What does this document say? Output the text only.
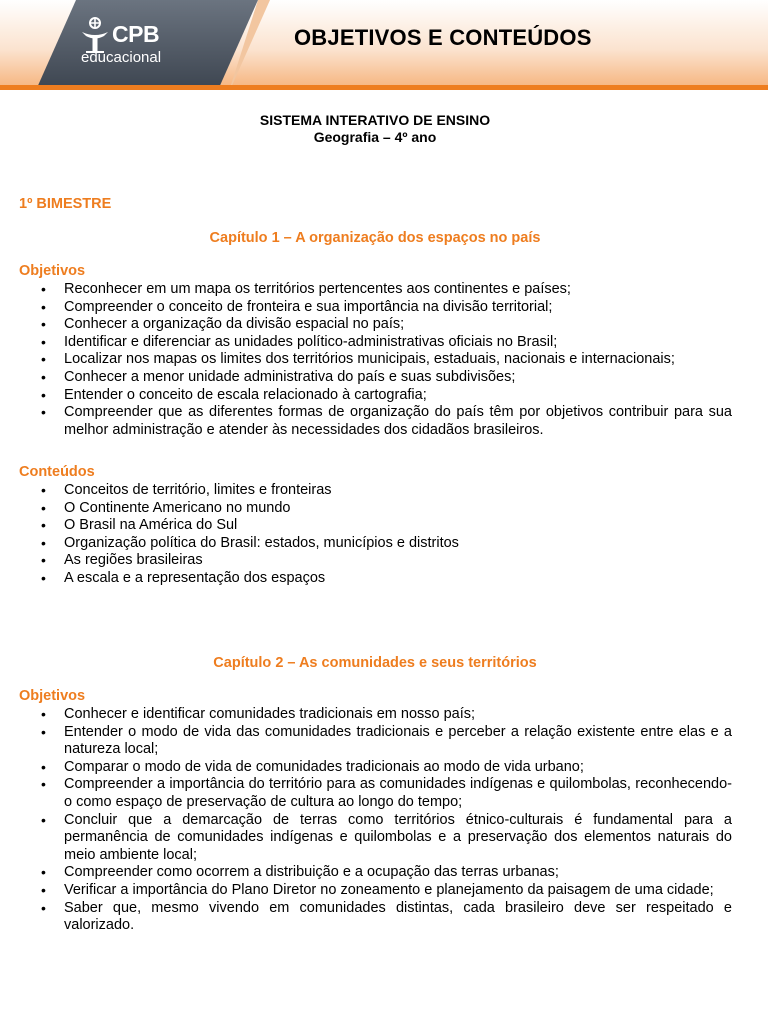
CPB
educacional
OBJETIVOS E CONTEÚDOS
SISTEMA INTERATIVO DE ENSINO
Geografia – 4º ano
1º BIMESTRE
Capítulo 1 – A organização dos espaços no país
Objetivos
• Reconhecer em um mapa os territórios pertencentes aos continentes e países;
• Compreender o conceito de fronteira e sua importância na divisão territorial;
• Conhecer a organização da divisão espacial no país;
• Identificar e diferenciar as unidades político-administrativas oficiais no Brasil;
• Localizar nos mapas os limites dos territórios municipais, estaduais, nacionais e internacionais;
• Conhecer a menor unidade administrativa do país e suas subdivisões;
• Entender o conceito de escala relacionado à cartografia;
• Compreender que as diferentes formas de organização do país têm por objetivos contribuir para sua melhor administração e atender às necessidades dos cidadãos brasileiros.
Conteúdos
• Conceitos de território, limites e fronteiras
• O Continente Americano no mundo
• O Brasil na América do Sul
• Organização política do Brasil: estados, municípios e distritos
• As regiões brasileiras
• A escala e a representação dos espaços
Capítulo 2 – As comunidades e seus territórios
Objetivos
• Conhecer e identificar comunidades tradicionais em nosso país;
• Entender o modo de vida das comunidades tradicionais e perceber a relação existente entre elas e a natureza local;
• Comparar o modo de vida de comunidades tradicionais ao modo de vida urbano;
• Compreender a importância do território para as comunidades indígenas e quilombolas, reconhecendo-o como espaço de preservação de cultura ao longo do tempo;
• Concluir que a demarcação de terras como territórios étnico-culturais é fundamental para a permanência de comunidades indígenas e quilombolas e a preservação dos elementos naturais do meio ambiente local;
• Compreender como ocorrem a distribuição e a ocupação das terras urbanas;
• Verificar a importância do Plano Diretor no zoneamento e planejamento da paisagem de uma cidade;
• Saber que, mesmo vivendo em comunidades distintas, cada brasileiro deve ser respeitado e valorizado.
